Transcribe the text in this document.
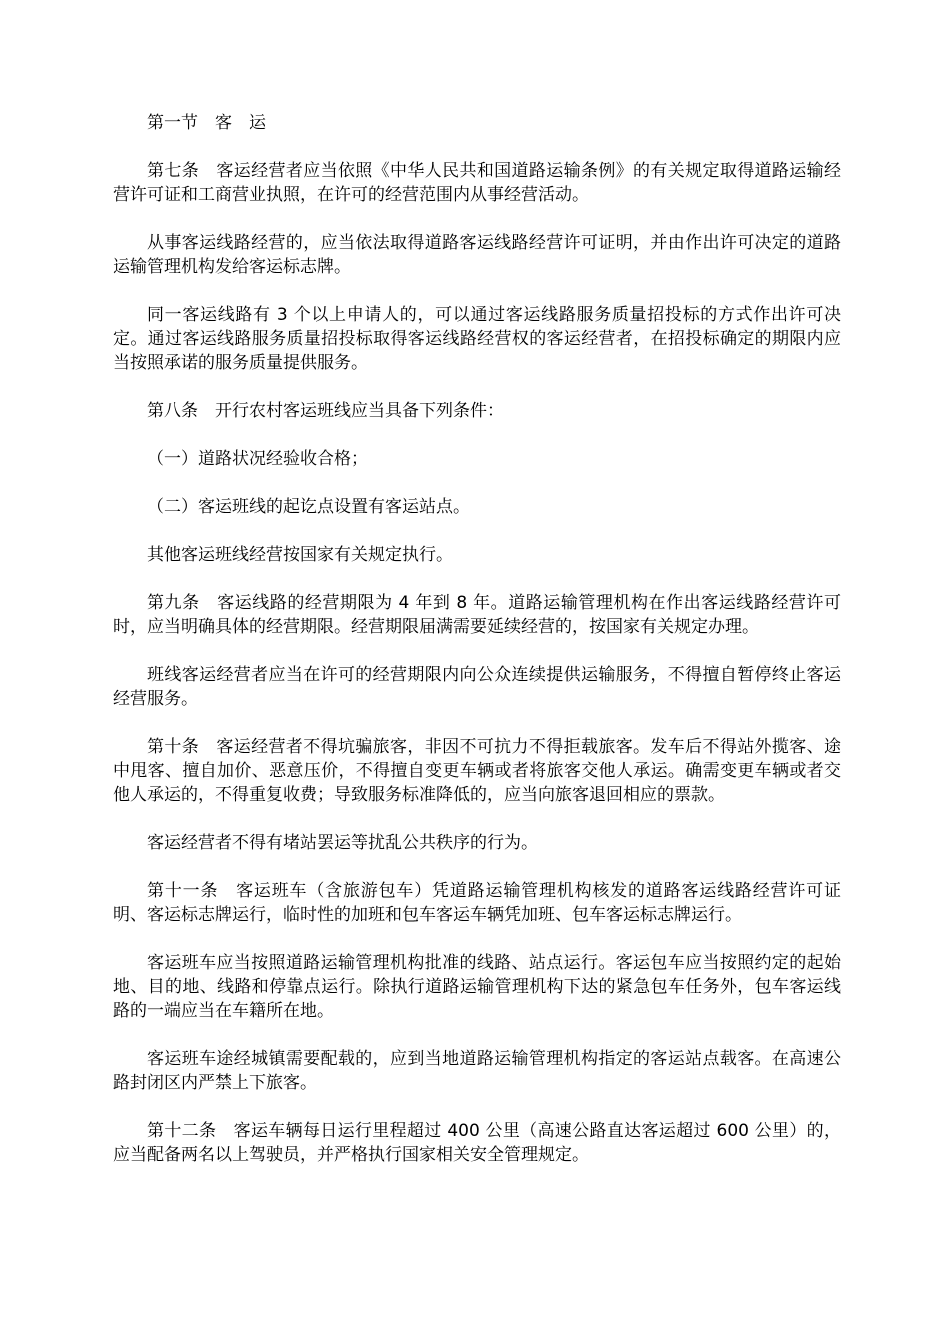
第一节　客　运

第七条　客运经营者应当依照《中华人民共和国道路运输条例》的有关规定取得道路运输经营许可证和工商营业执照，在许可的经营范围内从事经营活动。

从事客运线路经营的，应当依法取得道路客运线路经营许可证明，并由作出许可决定的道路运输管理机构发给客运标志牌。

同一客运线路有 3 个以上申请人的，可以通过客运线路服务质量招投标的方式作出许可决定。通过客运线路服务质量招投标取得客运线路经营权的客运经营者，在招投标确定的期限内应当按照承诺的服务质量提供服务。

第八条　开行农村客运班线应当具备下列条件：

（一）道路状况经验收合格；

（二）客运班线的起讫点设置有客运站点。

其他客运班线经营按国家有关规定执行。

第九条　客运线路的经营期限为 4 年到 8 年。道路运输管理机构在作出客运线路经营许可时，应当明确具体的经营期限。经营期限届满需要延续经营的，按国家有关规定办理。

班线客运经营者应当在许可的经营期限内向公众连续提供运输服务，不得擅自暂停终止客运经营服务。

第十条　客运经营者不得坑骗旅客，非因不可抗力不得拒载旅客。发车后不得站外揽客、途中甩客、擅自加价、恶意压价，不得擅自变更车辆或者将旅客交他人承运。确需变更车辆或者交他人承运的，不得重复收费；导致服务标准降低的，应当向旅客退回相应的票款。

客运经营者不得有堵站罢运等扰乱公共秩序的行为。

第十一条　客运班车（含旅游包车）凭道路运输管理机构核发的道路客运线路经营许可证明、客运标志牌运行，临时性的加班和包车客运车辆凭加班、包车客运标志牌运行。

客运班车应当按照道路运输管理机构批准的线路、站点运行。客运包车应当按照约定的起始地、目的地、线路和停靠点运行。除执行道路运输管理机构下达的紧急包车任务外，包车客运线路的一端应当在车籍所在地。

客运班车途经城镇需要配载的，应到当地道路运输管理机构指定的客运站点载客。在高速公路封闭区内严禁上下旅客。

第十二条　客运车辆每日运行里程超过 400 公里（高速公路直达客运超过 600 公里）的，应当配备两名以上驾驶员，并严格执行国家相关安全管理规定。
